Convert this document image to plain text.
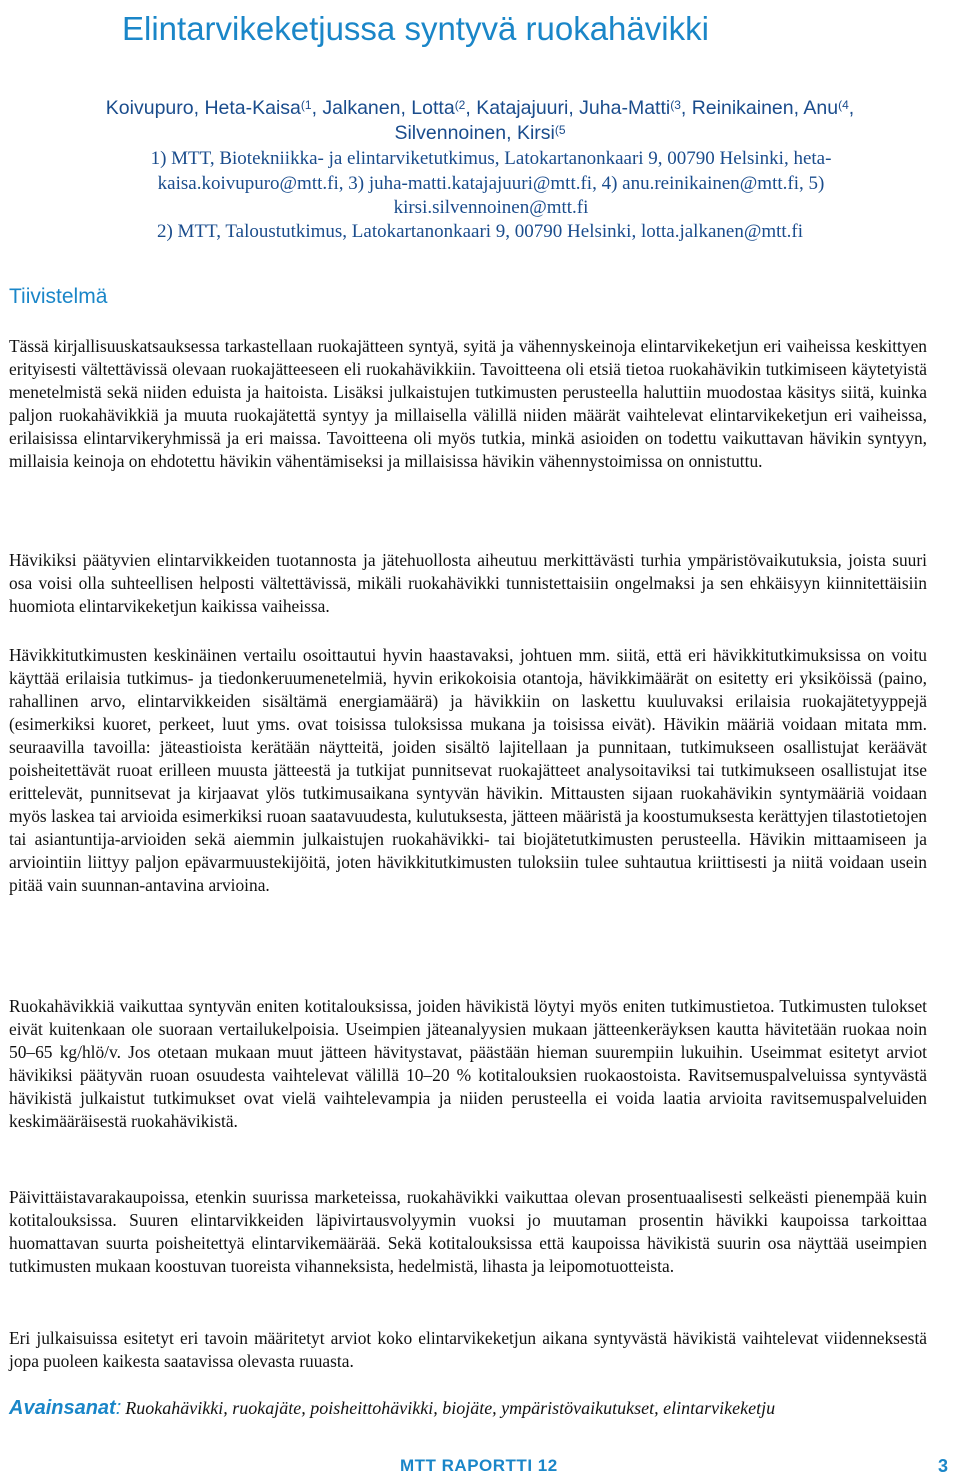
Elintarvikeketjussa syntyvä ruokahävikki
Koivupuro, Heta-Kaisa$^{(1}$, Jalkanen, Lotta$^{(2}$, Katajajuuri, Juha-Matti$^{(3}$, Reinikainen, Anu$^{(4}$,
Silvennoinen, Kirsi$^{(5}$
1) MTT, Biotekniikka- ja elintarviketutkimus, Latokartanonkaari 9, 00790 Helsinki, heta-kaisa.koivupuro@mtt.fi, 3) juha-matti.katajajuuri@mtt.fi, 4) anu.reinikainen@mtt.fi, 5) kirsi.silvennoinen@mtt.fi
2) MTT, Taloustutkimus, Latokartanonkaari 9, 00790 Helsinki, lotta.jalkanen@mtt.fi
Tiivistelmä

Tässä kirjallisuuskatsauksessa tarkastellaan ruokajätteen syntyä, syitä ja vähennyskeinoja elintarvikeketjun eri vaiheissa keskittyen erityisesti vältettävissä olevaan ruokajätteeseen eli ruokahävikkiin. Tavoitteena oli etsiä tietoa ruokahävikin tutkimiseen käytetyistä menetelmistä sekä niiden eduista ja haitoista. Lisäksi julkaistujen tutkimusten perusteella haluttiin muodostaa käsitys siitä, kuinka paljon ruokahävikkiä ja muuta ruokajätettä syntyy ja millaisella välillä niiden määrät vaihtelevat elintarvikeketjun eri vaiheissa, erilaisissa elintarvikeryhmissä ja eri maissa. Tavoitteena oli myös tutkia, minkä asioiden on todettu vaikuttavan hävikin syntyyn, millaisia keinoja on ehdotettu hävikin vähentämiseksi ja millaisissa hävikin vähennystoimissa on onnistuttu.

Hävikiksi päätyvien elintarvikkeiden tuotannosta ja jätehuollosta aiheutuu merkittävästi turhia ympäristövaikutuksia, joista suuri osa voisi olla suhteellisen helposti vältettävissä, mikäli ruokahävikki tunnistettaisiin ongelmaksi ja sen ehkäisyyn kiinnitettäisiin huomiota elintarvikeketjun kaikissa vaiheissa.

Hävikkitutkimusten keskinäinen vertailu osoittautui hyvin haastavaksi, johtuen mm. siitä, että eri hävikkitutkimuksissa on voitu käyttää erilaisia tutkimus- ja tiedonkeruumenetelmiä, hyvin erikokoisia otantoja, hävikkimäärät on esitetty eri yksiköissä (paino, rahallinen arvo, elintarvikkeiden sisältämä energiamäärä) ja hävikkiin on laskettu kuuluvaksi erilaisia ruokajätetyyppejä (esimerkiksi kuoret, perkeet, luut yms. ovat toisissa tuloksissa mukana ja toisissa eivät). Hävikin määriä voidaan mitata mm. seuraavilla tavoilla: jäteastioista kerätään näytteitä, joiden sisältö lajitellaan ja punnitaan, tutkimukseen osallistujat keräävät poisheitettävät ruoat erilleen muusta jätteestä ja tutkijat punnitsevat ruokajätteet analysoitaviksi tai tutkimukseen osallistujat itse erittelevät, punnitsevat ja kirjaavat ylös tutkimusaikana syntyvän hävikin. Mittausten sijaan ruokahävikin syntymääriä voidaan myös laskea tai arvioida esimerkiksi ruoan saatavuudesta, kulutuksesta, jätteen määristä ja koostumuksesta kerättyjen tilastotietojen tai asiantuntija-arvioiden sekä aiemmin julkaistujen ruokahävikki- tai biojätetutkimusten perusteella. Hävikin mittaamiseen ja arviointiin liittyy paljon epävarmuustekijöitä, joten hävikkitutkimusten tuloksiin tulee suhtautua kriittisesti ja niitä voidaan usein pitää vain suunnan-antavina arvioina.

Ruokahävikkiä vaikuttaa syntyvän eniten kotitalouksissa, joiden hävikistä löytyi myös eniten tutkimustietoa. Tutkimusten tulokset eivät kuitenkaan ole suoraan vertailukelpoisia. Useimpien jäteanalyysien mukaan jätteenkeräyksen kautta hävitetään ruokaa noin 50–65 kg/hlö/v. Jos otetaan mukaan muut jätteen hävitystavat, päästään hieman suurempiin lukuihin. Useimmat esitetyt arviot hävikiksi päätyvän ruoan osuudesta vaihtelevat välillä 10–20 % kotitalouksien ruokaostoista. Ravitsemuspalveluissa syntyvästä hävikistä julkaistut tutkimukset ovat vielä vaihtelevampia ja niiden perusteella ei voida laatia arvioita ravitsemuspalveluiden keskimääräisestä ruokahävikistä.

Päivittäistavarakaupoissa, etenkin suurissa marketeissa, ruokahävikki vaikuttaa olevan prosentuaalisesti selkeästi pienempää kuin kotitalouksissa. Suuren elintarvikkeiden läpivirtausvolyymin vuoksi jo muutaman prosentin hävikki kaupoissa tarkoittaa huomattavan suurta poisheitettyä elintarvikemäärää. Sekä kotitalouksissa että kaupoissa hävikistä suurin osa näyttää useimpien tutkimusten mukaan koostuvan tuoreista vihanneksista, hedelmistä, lihasta ja leipomotuotteista.

Eri julkaisuissa esitetyt eri tavoin määritetyt arviot koko elintarvikeketjun aikana syntyvästä hävikistä vaihtelevat viidenneksestä jopa puoleen kaikesta saatavissa olevasta ruuasta.

Avainsanat: Ruokahävikki, ruokajäte, poisheittohävikki, biojäte, ympäristövaikutukset, elintarvikeketju
MTT RAPORTTI 12	3
